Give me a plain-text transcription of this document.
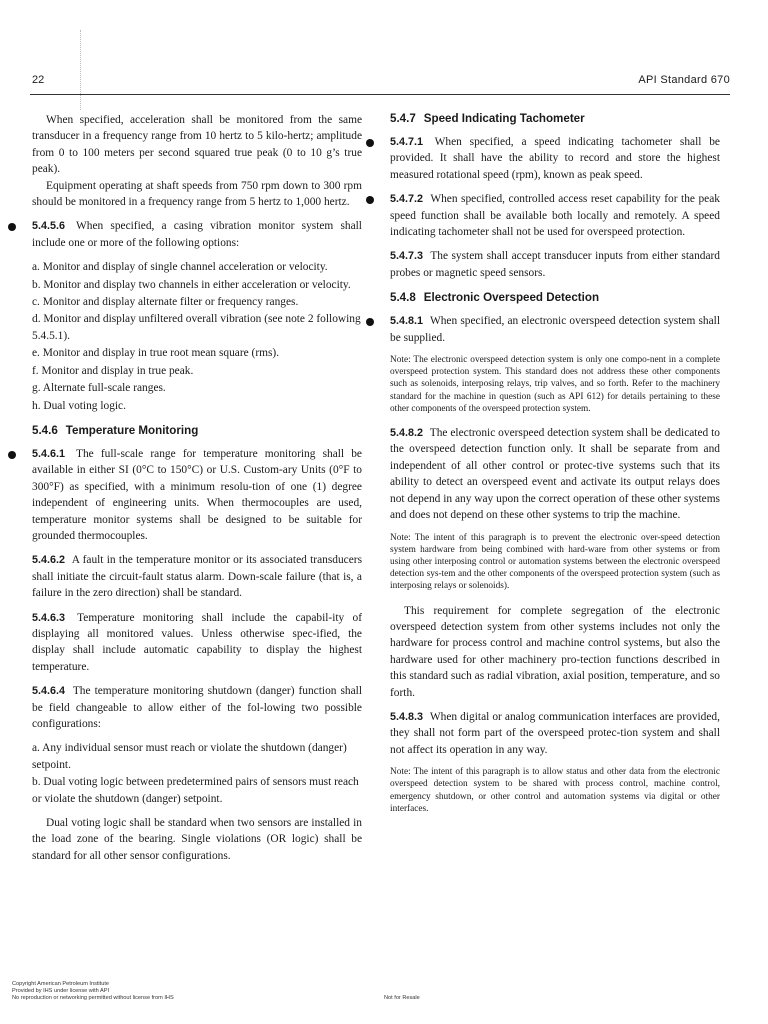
22	API Standard 670

When specified, acceleration shall be monitored from the same transducer in a frequency range from 10 hertz to 5 kilo-hertz; amplitude from 0 to 100 meters per second squared true peak (0 to 10 g’s true peak).

Equipment operating at shaft speeds from 750 rpm down to 300 rpm should be monitored in a frequency range from 5 hertz to 1,000 hertz.

5.4.5.6 When specified, a casing vibration monitor system shall include one or more of the following options:

a. Monitor and display of single channel acceleration or velocity.

b. Monitor and display two channels in either acceleration or velocity.

c. Monitor and display alternate filter or frequency ranges.

d. Monitor and display unfiltered overall vibration (see note 2 following 5.4.5.1).

e. Monitor and display in true root mean square (rms).

f. Monitor and display in true peak.

g. Alternate full-scale ranges.

h. Dual voting logic.

5.4.6 Temperature Monitoring

5.4.6.1 The full-scale range for temperature monitoring shall be available in either SI (0°C to 150°C) or U.S. Custom-ary Units (0°F to 300°F) as specified, with a minimum resolu-tion of one (1) degree independent of engineering units. When thermocouples are used, temperature monitor systems shall be designed to be suitable for grounded thermocouples.

5.4.6.2 A fault in the temperature monitor or its associated transducers shall initiate the circuit-fault status alarm. Down-scale failure (that is, a failure in the zero direction) shall be standard.

5.4.6.3 Temperature monitoring shall include the capabil-ity of displaying all monitored values. Unless otherwise spec-ified, the display shall include automatic capability to display the highest temperature.

5.4.6.4 The temperature monitoring shutdown (danger) function shall be field changeable to allow either of the fol-lowing two possible configurations:

a. Any individual sensor must reach or violate the shutdown (danger) setpoint.

b. Dual voting logic between predetermined pairs of sensors must reach or violate the shutdown (danger) setpoint.

Dual voting logic shall be standard when two sensors are installed in the load zone of the bearing. Single violations (OR logic) shall be standard for all other sensor configurations.

5.4.7 Speed Indicating Tachometer

5.4.7.1 When specified, a speed indicating tachometer shall be provided. It shall have the ability to record and store the highest measured rotational speed (rpm), known as peak speed.

5.4.7.2 When specified, controlled access reset capability for the peak speed function shall be available both locally and remotely. A speed indicating tachometer shall not be used for overspeed protection.

5.4.7.3 The system shall accept transducer inputs from either standard probes or magnetic speed sensors.

5.4.8 Electronic Overspeed Detection

5.4.8.1 When specified, an electronic overspeed detection system shall be supplied.

Note: The electronic overspeed detection system is only one compo-nent in a complete overspeed protection system. This standard does not address these other components such as solenoids, interposing relays, trip valves, and so forth. Refer to the machinery standard for the machine in question (such as API 612) for details pertaining to these other components of the overspeed protection system.

5.4.8.2 The electronic overspeed detection system shall be dedicated to the overspeed detection function only. It shall be separate from and independent of all other control or protec-tive systems such that its ability to detect an overspeed event and activate its output relays does not depend in any way upon the correct operation of these other systems and does not depend on these other systems to trip the machine.

Note: The intent of this paragraph is to prevent the electronic over-speed detection system hardware from being combined with hard-ware from other systems or from using other interposing control or automation systems between the electronic overspeed detection sys-tem and the other components of the overspeed protection system (such as interposing relays or solenoids).

This requirement for complete segregation of the electronic overspeed detection system from other systems includes not only the hardware for process control and machine control systems, but also the hardware used for other machinery pro-tection functions described in this standard such as radial vibration, axial position, temperature, and so forth.

5.4.8.3 When digital or analog communication interfaces are provided, they shall not form part of the overspeed protec-tion system and shall not affect its operation in any way.

Note: The intent of this paragraph is to allow status and other data from the electronic overspeed detection system to be shared with process control, machine control, emergency shutdown, or other control and automation systems via digital or other interfaces.

Copyright American Petroleum Institute
Provided by IHS under license with API
No reproduction or networking permitted without license from IHS	Not for Resale
